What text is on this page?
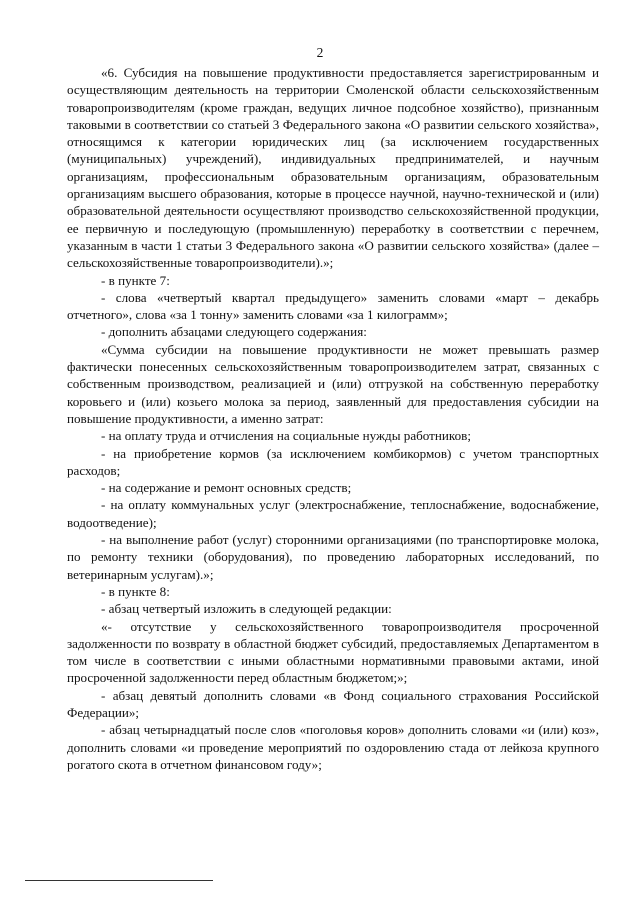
2

«6. Субсидия на повышение продуктивности предоставляется зарегистрированным и осуществляющим деятельность на территории Смоленской области сельскохозяйственным товаропроизводителям (кроме граждан, ведущих личное подсобное хозяйство), признанным таковыми в соответствии со статьей 3 Федерального закона «О развитии сельского хозяйства», относящимся к категории юридических лиц (за исключением государственных (муниципальных) учреждений), индивидуальных предпринимателей, и научным организациям, профессиональным образовательным организациям, образовательным организациям высшего образования, которые в процессе научной, научно-технической и (или) образовательной деятельности осуществляют производство сельскохозяйственной продукции, ее первичную и последующую (промышленную) переработку в соответствии с перечнем, указанным в части 1 статьи 3 Федерального закона «О развитии сельского хозяйства» (далее – сельскохозяйственные товаропроизводители).»;

- в пункте 7:

- слова «четвертый квартал предыдущего» заменить словами «март – декабрь отчетного», слова «за 1 тонну» заменить словами «за 1 килограмм»;

- дополнить абзацами следующего содержания:

«Сумма субсидии на повышение продуктивности не может превышать размер фактически понесенных сельскохозяйственным товаропроизводителем затрат, связанных с собственным производством, реализацией и (или) отгрузкой на собственную переработку коровьего и (или) козьего молока за период, заявленный для предоставления субсидии на повышение продуктивности, а именно затрат:

- на оплату труда и отчисления на социальные нужды работников;

- на приобретение кормов (за исключением комбикормов) с учетом транспортных расходов;

- на содержание и ремонт основных средств;

- на оплату коммунальных услуг (электроснабжение, теплоснабжение, водоснабжение, водоотведение);

- на выполнение работ (услуг) сторонними организациями (по транспортировке молока, по ремонту техники (оборудования), по проведению лабораторных исследований, по ветеринарным услугам).»;

- в пункте 8:

- абзац четвертый изложить в следующей редакции:

«- отсутствие у сельскохозяйственного товаропроизводителя просроченной задолженности по возврату в областной бюджет субсидий, предоставляемых Департаментом в том числе в соответствии с иными областными нормативными правовыми актами, иной просроченной задолженности перед областным бюджетом;»;

- абзац девятый дополнить словами «в Фонд социального страхования Российской Федерации»;

- абзац четырнадцатый после слов «поголовья коров» дополнить словами «и (или) коз», дополнить словами «и проведение мероприятий по оздоровлению стада от лейкоза крупного рогатого скота в отчетном финансовом году»;
